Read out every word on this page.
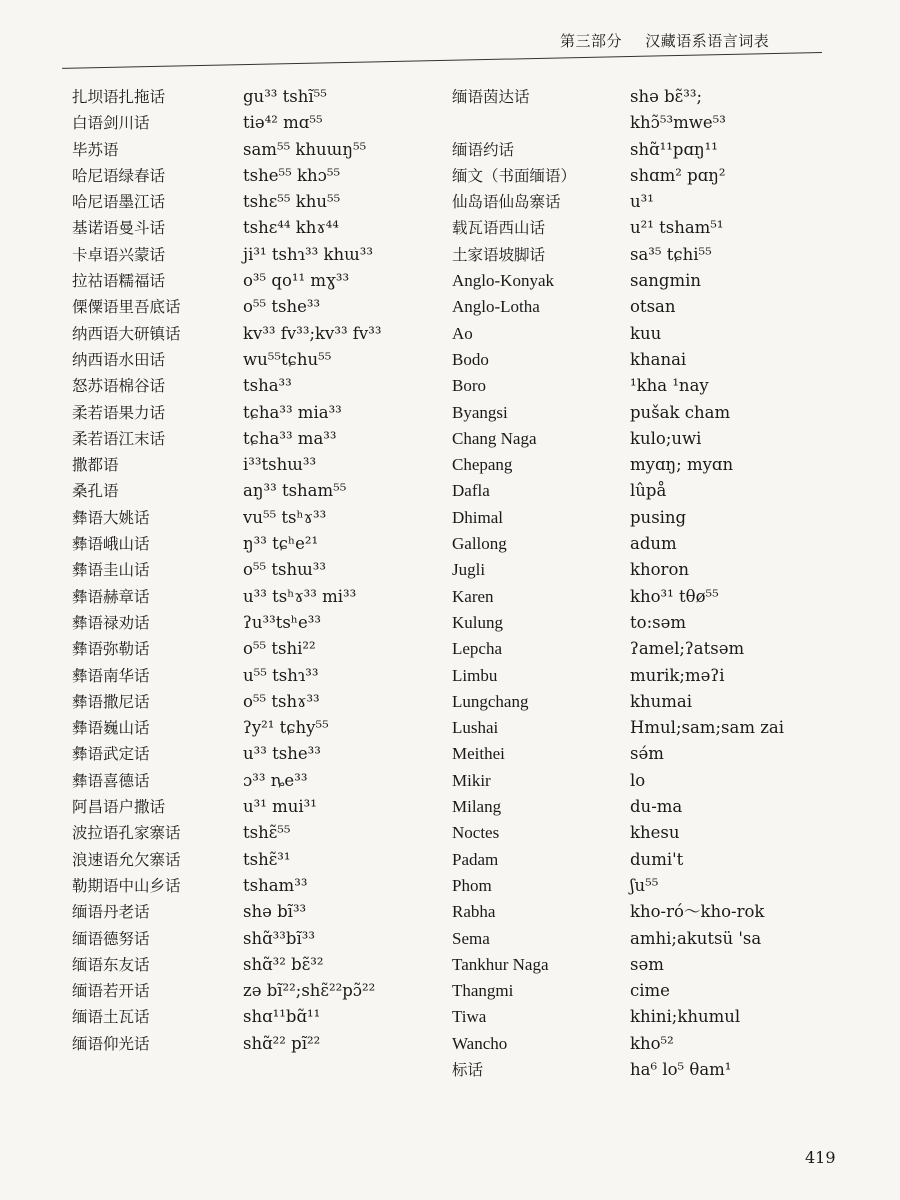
第三部分 汉藏语系语言词表
扎坝语扎拖话
白语剑川话
毕苏语
哈尼语绿春话
哈尼语墨江话
基诺语曼斗话
卡卓语兴蒙话
拉祜语糯福话
傈僳语里吾底话
纳西语大研镇话
纳西语水田话
怒苏语棉谷话
柔若语果力话
柔若语江末话
撒都语
桑孔语
彝语大姚话
彝语峨山话
彝语圭山话
彝语赫章话
彝语禄劝话
彝语弥勒话
彝语南华话
彝语撒尼话
彝语巍山话
彝语武定话
彝语喜德话
阿昌语户撒话
波拉语孔家寨话
浪速语允欠寨话
勒期语中山乡话
缅语丹老话
缅语德努话
缅语东友话
缅语若开话
缅语土瓦话
缅语仰光话
gu³³ tshĩ⁵⁵
tiə⁴² mɑ⁵⁵
sam⁵⁵ khuɯŋ⁵⁵
tshe⁵⁵ khɔ⁵⁵
tshɛ⁵⁵ khu⁵⁵
tshɛ⁴⁴ khɤ⁴⁴
ji³¹ tshɿ³³ khɯ³³
o³⁵ qo¹¹ mɣ³³
o⁵⁵ tshe³³
kv³³ fv³³;kv³³ fv³³
wu⁵⁵tɕhu⁵⁵
tsha³³
tɕha³³ mia³³
tɕha³³ ma³³
i³³tshɯ³³
aŋ³³ tsham⁵⁵
vu⁵⁵ tsʰɤ³³
ŋ³³ tɕʰe²¹
o⁵⁵ tshɯ³³
u³³ tsʰɤ³³ mi³³
ʔu³³tsʰe³³
o⁵⁵ tshi²²
u⁵⁵ tshɿ³³
o⁵⁵ tshɤ³³
ʔy²¹ tɕhy⁵⁵
u³³ tshe³³
ɔ³³ ȵe³³
u³¹ mui³¹
tshɛ̃⁵⁵
tshɛ̃³¹
tsham³³
shə bĩ³³
shɑ̃³³bĩ³³
shɑ̃³² bɛ̃³²
zə bĩ²²;shɛ̃²²pɔ̃²²
shɑ¹¹bɑ̃¹¹
shɑ̃²² pĩ²²
缅语茵达话
缅语约话
缅文（书面缅语）
仙岛语仙岛寨话
载瓦语西山话
土家语坡脚话
Anglo-Konyak
Anglo-Lotha
Ao
Bodo
Boro
Byangsi
Chang Naga
Chepang
Dafla
Dhimal
Gallong
Jugli
Karen
Kulung
Lepcha
Limbu
Lungchang
Lushai
Meithei
Mikir
Milang
Noctes
Padam
Phom
Rabha
Sema
Tankhur Naga
Thangmi
Tiwa
Wancho
标话
shə bɛ̃³³;
khɔ̃⁵³mwe⁵³
shɑ̃¹¹pɑŋ¹¹
shɑm² pɑŋ²
u³¹
u²¹ tsham⁵¹
sa³⁵ tɕhi⁵⁵
sangmin
otsan
kuu
khanai
¹kha ¹nay
pušak cham
kulo;uwi
myɑŋ; myɑn
lûpå
pusing
adum
khoron
kho³¹ tθø⁵⁵
to:səm
ʔamel;ʔatsəm
murik;məʔi
khumai
Hmul;sam;sam zai
sə́m
lo
du-ma
khesu
dumi't
ʃu⁵⁵
kho-ró～kho-rok
amhi;akutsü 'sa
səm
cime
khini;khumul
kho⁵²
ha⁶ lo⁵ θam¹
419
